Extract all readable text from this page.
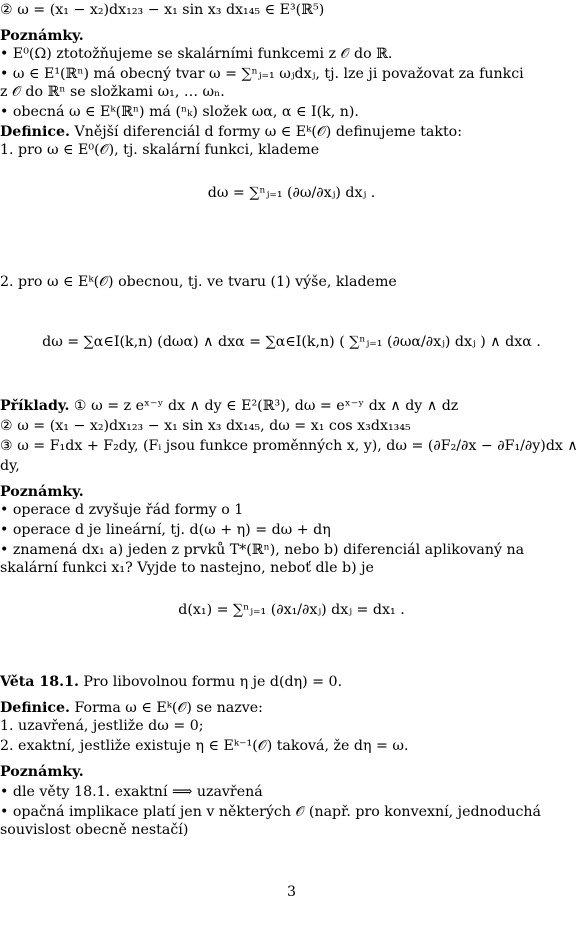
② ω = (x₁ − x₂)dx₁₂₃ − x₁ sin x₃ dx₁₄₅ ∈ E³(ℝ⁵)
Poznámky.
• E⁰(Ω) ztotožňujeme se skalárními funkcemi z 𝒪 do ℝ.
• ω ∈ E¹(ℝⁿ) má obecný tvar ω = ∑ⁿⱼ₌₁ ωⱼdxⱼ, tj. lze ji považovat za funkci
z 𝒪 do ℝⁿ se složkami ω₁, … ωₙ.
• obecná ω ∈ Eᵏ(ℝⁿ) má (ⁿₖ) složek ωα, α ∈ I(k, n).
Definice. Vnější diferenciál d formy ω ∈ Eᵏ(𝒪) definujeme takto:
1. pro ω ∈ E⁰(𝒪), tj. skalární funkci, klademe
dω = ∑ⁿⱼ₌₁ (∂ω/∂xⱼ) dxⱼ .
2. pro ω ∈ Eᵏ(𝒪) obecnou, tj. ve tvaru (1) výše, klademe
dω = ∑α∈I(k,n) (dωα) ∧ dxα = ∑α∈I(k,n) ( ∑ⁿⱼ₌₁ (∂ωα/∂xⱼ) dxⱼ ) ∧ dxα .
Příklady. ① ω = z eˣ⁻ʸ dx ∧ dy ∈ E²(ℝ³), dω = eˣ⁻ʸ dx ∧ dy ∧ dz
② ω = (x₁ − x₂)dx₁₂₃ − x₁ sin x₃ dx₁₄₅, dω = x₁ cos x₃dx₁₃₄₅
③ ω = F₁dx + F₂dy, (Fᵢ jsou funkce proměnných x, y), dω = (∂F₂/∂x − ∂F₁/∂y)dx ∧
dy,
Poznámky.
• operace d zvyšuje řád formy o 1
• operace d je lineární, tj. d(ω + η) = dω + dη
• znamená dx₁ a) jeden z prvků T*(ℝⁿ), nebo b) diferenciál aplikovaný na
skalární funkci x₁? Vyjde to nastejno, neboť dle b) je
d(x₁) = ∑ⁿⱼ₌₁ (∂x₁/∂xⱼ) dxⱼ = dx₁ .
Věta 18.1. Pro libovolnou formu η je d(dη) = 0.
Definice. Forma ω ∈ Eᵏ(𝒪) se nazve:
1. uzavřená, jestliže dω = 0;
2. exaktní, jestliže existuje η ∈ Eᵏ⁻¹(𝒪) taková, že dη = ω.
Poznámky.
• dle věty 18.1. exaktní ⟹ uzavřená
• opačná implikace platí jen v některých 𝒪 (např. pro konvexní, jednoduchá
souvislost obecně nestačí)
3
